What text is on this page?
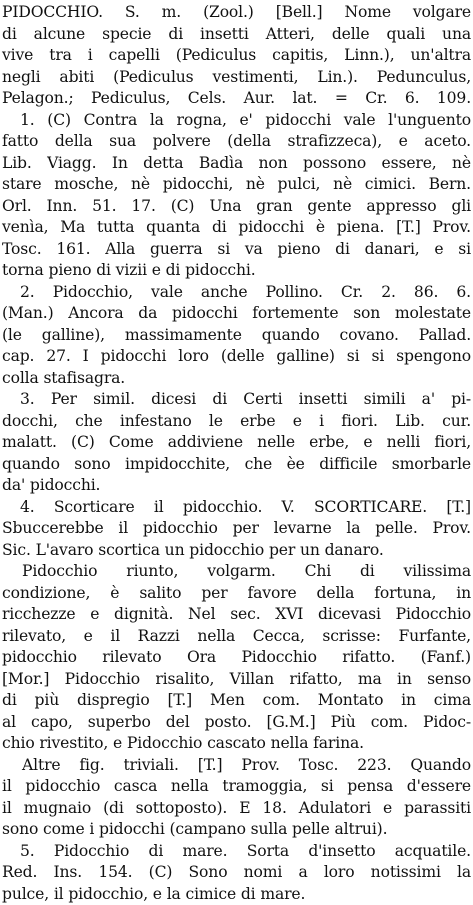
PIDOCCHIO. S. m. (Zool.) [Bell.] Nome volgare
di alcune specie di insetti Atteri, delle quali una
vive tra i capelli (Pediculus capitis, Linn.), un'altra
negli abiti (Pediculus vestimenti, Lin.). Pedunculus,
Pelagon.; Pediculus, Cels. Aur. lat. = Cr. 6. 109.
1. (C) Contra la rogna, e' pidocchi vale l'unguento
fatto della sua polvere (della strafizzeca), e aceto.
Lib. Viagg. In detta Badìa non possono essere, nè
stare mosche, nè pidocchi, nè pulci, nè cimici. Bern.
Orl. Inn. 51. 17. (C) Una gran gente appresso gli
venìa, Ma tutta quanta di pidocchi è piena. [T.] Prov.
Tosc. 161. Alla guerra si va pieno di danari, e si
torna pieno di vizii e di pidocchi.
2. Pidocchio, vale anche Pollino. Cr. 2. 86. 6.
(Man.) Ancora da pidocchi fortemente son molestate
(le galline), massimamente quando covano. Pallad.
cap. 27. I pidocchi loro (delle galline) si si spengono
colla stafisagra.
3. Per simil. dicesi di Certi insetti simili a' pi-
docchi, che infestano le erbe e i fiori. Lib. cur.
malatt. (C) Come addiviene nelle erbe, e nelli fiori,
quando sono impidocchite, che èe difficile smorbarle
da' pidocchi.
4. Scorticare il pidocchio. V. SCORTICARE. [T.]
Sbuccerebbe il pidocchio per levarne la pelle. Prov.
Sic. L'avaro scortica un pidocchio per un danaro.
Pidocchio riunto, volgarm. Chi di vilissima
condizione, è salito per favore della fortuna, in
ricchezze e dignità. Nel sec. XVI dicevasi Pidocchio
rilevato, e il Razzi nella Cecca, scrisse: Furfante,
pidocchio rilevato Ora Pidocchio rifatto. (Fanf.)
[Mor.] Pidocchio risalito, Villan rifatto, ma in senso
di più dispregio [T.] Men com. Montato in cima
al capo, superbo del posto. [G.M.] Più com. Pidoc-
chio rivestito, e Pidocchio cascato nella farina.
Altre fig. triviali. [T.] Prov. Tosc. 223. Quando
il pidocchio casca nella tramoggia, si pensa d'essere
il mugnaio (di sottoposto). E 18. Adulatori e parassiti
sono come i pidocchi (campano sulla pelle altrui).
5. Pidocchio di mare. Sorta d'insetto acquatile.
Red. Ins. 154. (C) Sono nomi a loro notissimi la
pulce, il pidocchio, e la cimice di mare.
